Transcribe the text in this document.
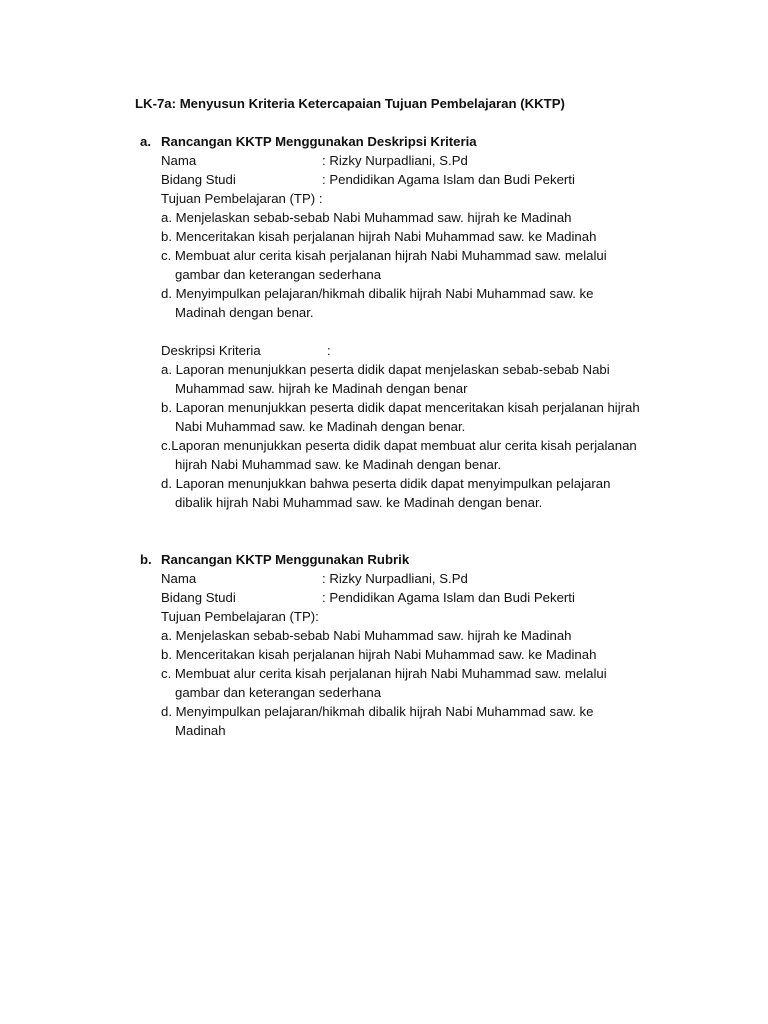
LK-7a: Menyusun Kriteria Ketercapaian Tujuan Pembelajaran (KKTP)
a. Rancangan KKTP Menggunakan Deskripsi Kriteria
Nama	: Rizky Nurpadliani, S.Pd
Bidang Studi	: Pendidikan Agama Islam dan Budi Pekerti
Tujuan Pembelajaran (TP) :
a. Menjelaskan sebab-sebab Nabi Muhammad saw. hijrah ke Madinah
b. Menceritakan kisah perjalanan hijrah Nabi Muhammad saw. ke Madinah
c. Membuat alur cerita kisah perjalanan hijrah Nabi Muhammad saw. melalui
gambar dan keterangan sederhana
d. Menyimpulkan pelajaran/hikmah dibalik hijrah Nabi Muhammad saw. ke
Madinah dengan benar.
Deskripsi Kriteria	:
a. Laporan menunjukkan peserta didik dapat menjelaskan sebab-sebab Nabi
Muhammad saw. hijrah ke Madinah dengan benar
b. Laporan menunjukkan peserta didik dapat menceritakan kisah perjalanan hijrah
Nabi Muhammad saw. ke Madinah dengan benar.
c.Laporan menunjukkan peserta didik dapat membuat alur cerita kisah perjalanan
hijrah Nabi Muhammad saw. ke Madinah dengan benar.
d. Laporan menunjukkan bahwa peserta didik dapat menyimpulkan pelajaran
dibalik hijrah Nabi Muhammad saw. ke Madinah dengan benar.
b. Rancangan KKTP Menggunakan Rubrik
Nama	: Rizky Nurpadliani, S.Pd
Bidang Studi	: Pendidikan Agama Islam dan Budi Pekerti
Tujuan Pembelajaran (TP):
a. Menjelaskan sebab-sebab Nabi Muhammad saw. hijrah ke Madinah
b. Menceritakan kisah perjalanan hijrah Nabi Muhammad saw. ke Madinah
c. Membuat alur cerita kisah perjalanan hijrah Nabi Muhammad saw. melalui
gambar dan keterangan sederhana
d. Menyimpulkan pelajaran/hikmah dibalik hijrah Nabi Muhammad saw. ke
Madinah
